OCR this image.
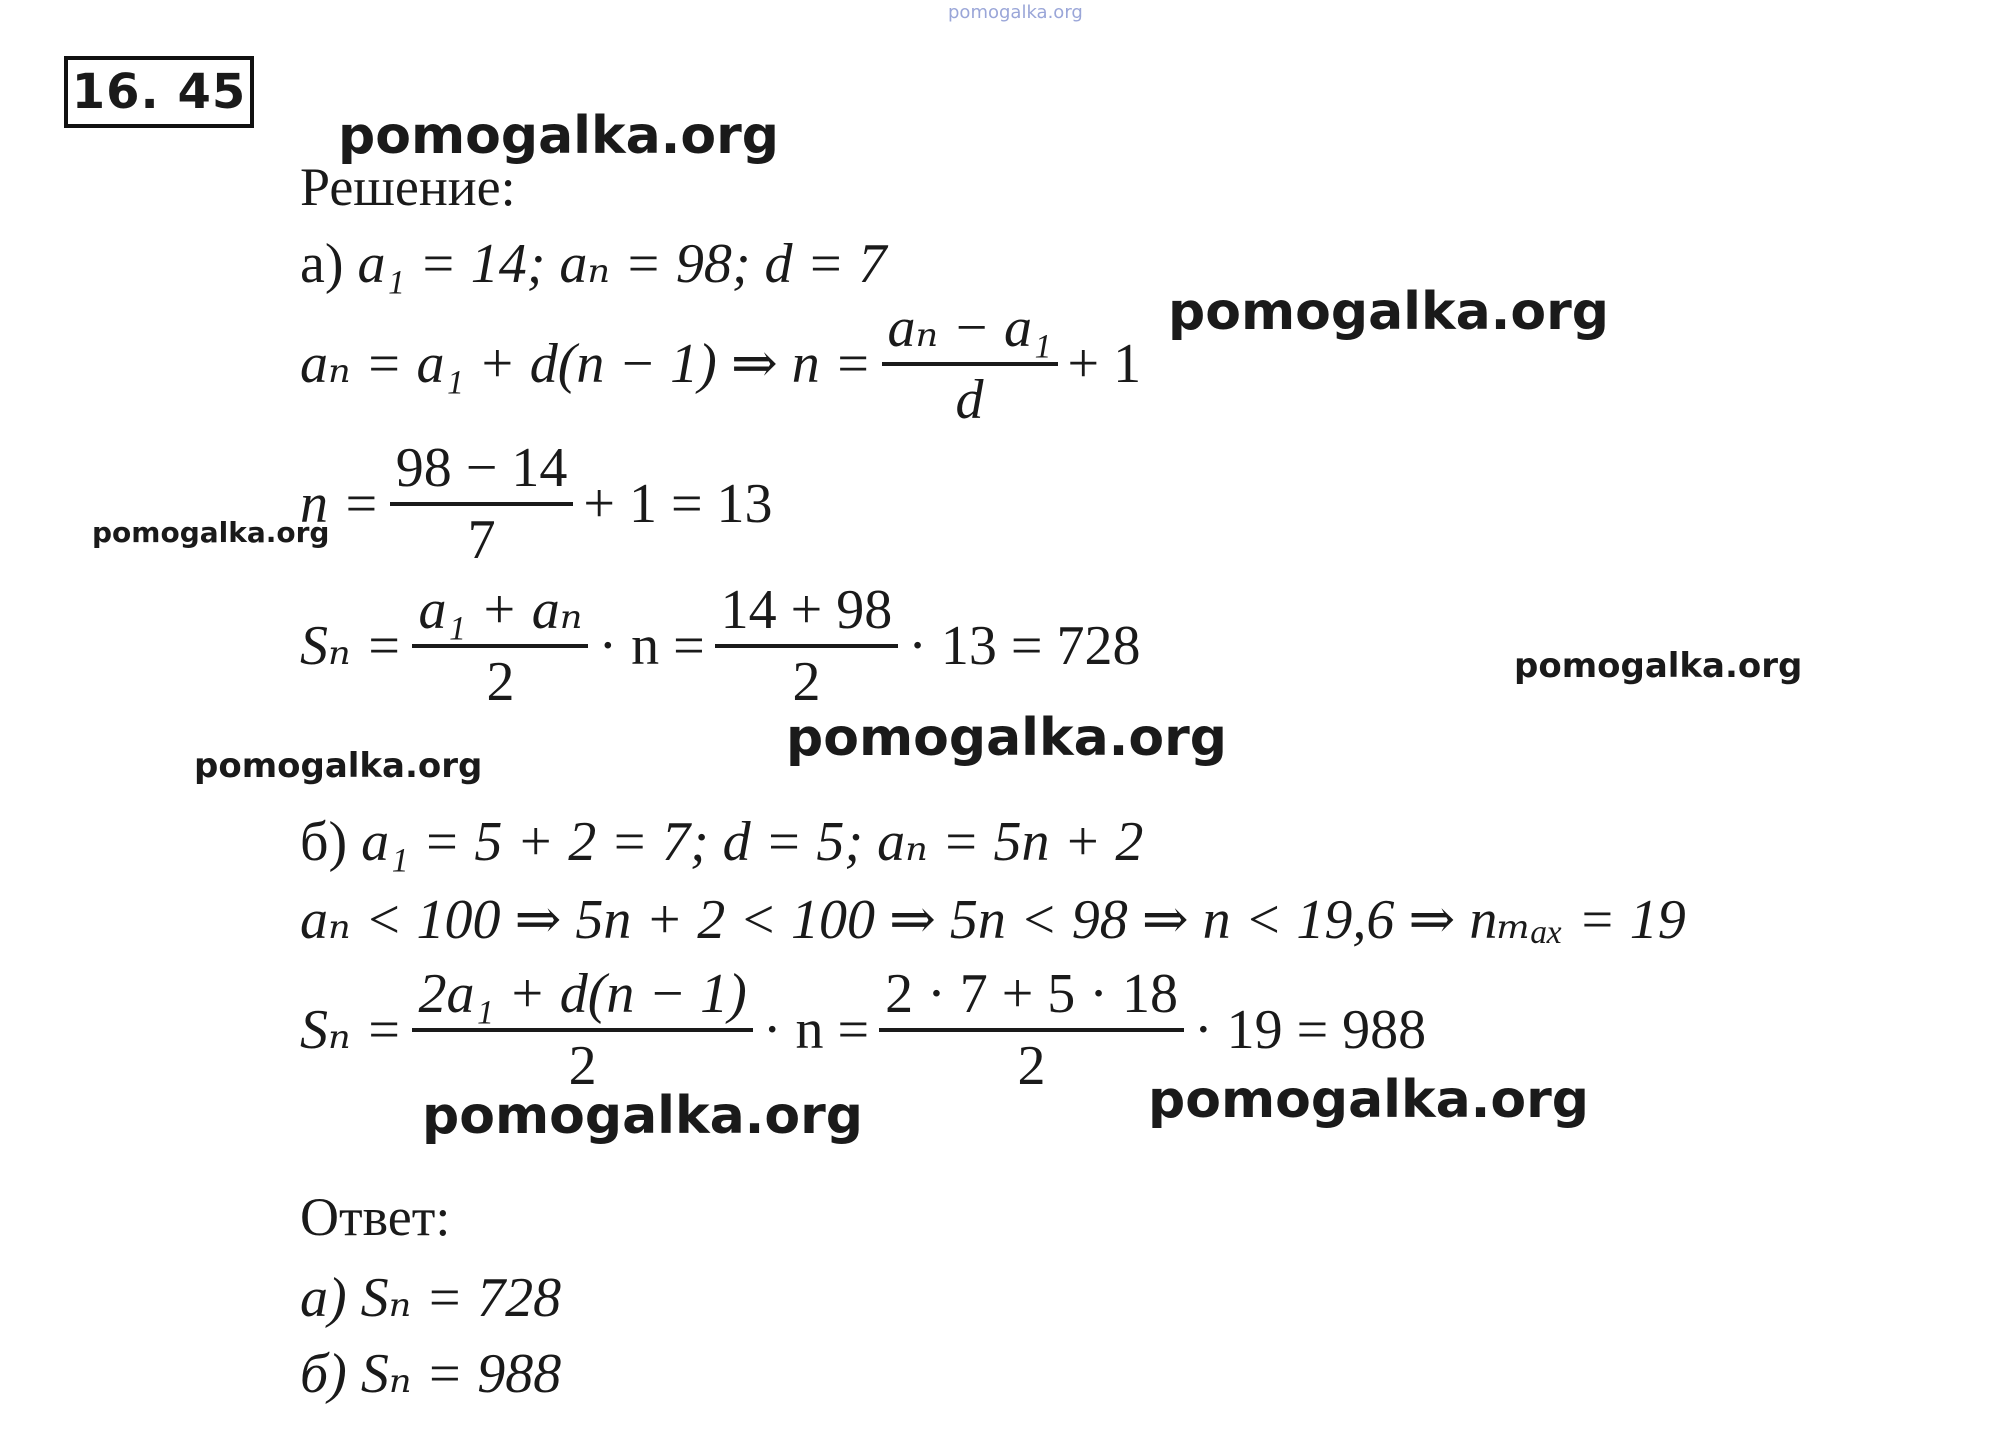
pomogalka.org
16. 45
pomogalka.org
Решение:
а)
a₁ = 14; aₙ = 98; d = 7
aₙ = a₁ + d(n − 1) ⇒ $n = \frac{\text{aₙ − a₁}}{d} + 1$
pomogalka.org
$n = \frac{98 - 14}{7} + 1 = 13$
pomogalka.org
$S_n = \frac{\text{a₁ + aₙ}}{2} \cdot n = \frac{14 + 98}{2} \cdot 13 = 728$	pomogalka.org
pomogalka.org
pomogalka.org
б)
a₁ = 5 + 2 = 7; d = 5; aₙ = 5n + 2
aₙ < 100 ⇒ 5n + 2 < 100 ⇒ 5n < 98 ⇒ n < 19,6 ⇒ nₘₐₓ = 19
$S_n = \frac{\text{2a₁ + d(n − 1)}}{2} \cdot n = \frac{2 \cdot 7 + 5 \cdot 18}{2} \cdot 19 = 988$
pomogalka.org	pomogalka.org
Ответ:
а) Sₙ = 728
б) Sₙ = 988
